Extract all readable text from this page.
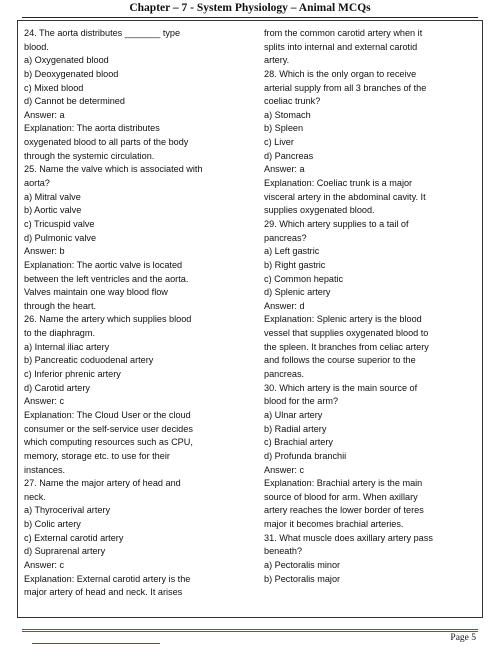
Chapter – 7 - System Physiology – Animal MCQs
24. The aorta distributes _______ type
blood.
a) Oxygenated blood
b) Deoxygenated blood
c) Mixed blood
d) Cannot be determined
Answer: a
Explanation: The aorta distributes
oxygenated blood to all parts of the body
through the systemic circulation.
25. Name the valve which is associated with
aorta?
a) Mitral valve
b) Aortic valve
c) Tricuspid valve
d) Pulmonic valve
Answer: b
Explanation: The aortic valve is located
between the left ventricles and the aorta.
Valves maintain one way blood flow
through the heart.
26. Name the artery which supplies blood
to the diaphragm.
a) Internal iliac artery
b) Pancreatic coduodenal artery
c) Inferior phrenic artery
d) Carotid artery
Answer: c
Explanation: The Cloud User or the cloud
consumer or the self-service user decides
which computing resources such as CPU,
memory, storage etc. to use for their
instances.
27. Name the major artery of head and
neck.
a) Thyrocerival artery
b) Colic artery
c) External carotid artery
d) Suprarenal artery
Answer: c
Explanation: External carotid artery is the
major artery of head and neck. It arises
from the common carotid artery when it
splits into internal and external carotid
artery.
28. Which is the only organ to receive
arterial supply from all 3 branches of the
coeliac trunk?
a) Stomach
b) Spleen
c) Liver
d) Pancreas
Answer: a
Explanation: Coeliac trunk is a major
visceral artery in the abdominal cavity. It
supplies oxygenated blood.
29. Which artery supplies to a tail of
pancreas?
a) Left gastric
b) Right gastric
c) Common hepatic
d) Splenic artery
Answer: d
Explanation: Splenic artery is the blood
vessel that supplies oxygenated blood to
the spleen. It branches from celiac artery
and follows the course superior to the
pancreas.
30. Which artery is the main source of
blood for the arm?
a) Ulnar artery
b) Radial artery
c) Brachial artery
d) Profunda branchii
Answer: c
Explanation: Brachial artery is the main
source of blood for arm. When axillary
artery reaches the lower border of teres
major it becomes brachial arteries.
31. What muscle does axillary artery pass
beneath?
a) Pectoralis minor
b) Pectoralis major
Page 5
